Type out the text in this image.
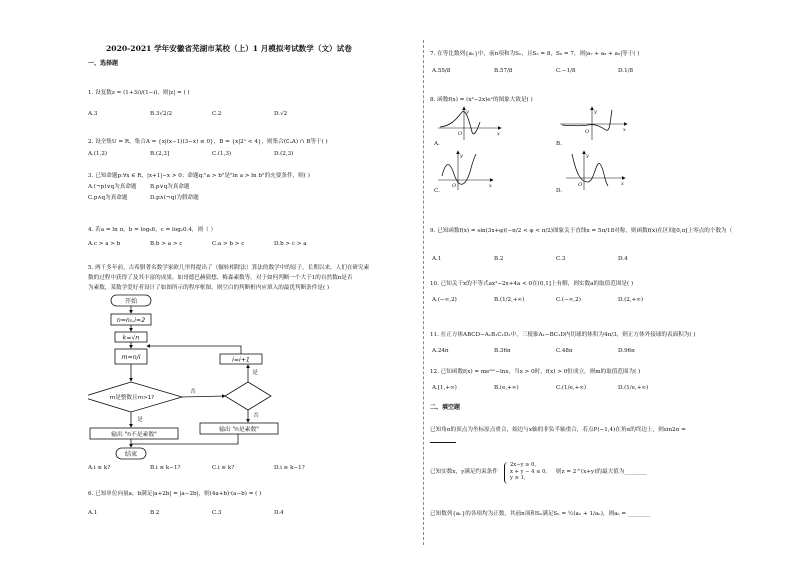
2020-2021 学年安徽省芜湖市某校（上）1 月模拟考试数学（文）试卷
一、选择题
1. 设复数z = (1+3i)/(1−i)，则|z| = ( )
A.3	B.3√2/2	C.2	D.√2
2. 设全集U = R，集合A = {x|(x−1)(3−x) ≤ 0}，B = {x|2ˣ < 4}，则集合(∁ᵤA) ∩ B等于( )
A.(1,2)	B.(2,3]	C.(1,3)	D.(2,3)
3. 已知命题p:∀x ∈ R，|x+1|−x > 0；命题q:"a > b"是"ln a > ln b"的充要条件，则( )
A.(¬p)∨q为真命题 B.p∨q为真命题
C.p∧q为真命题	D.p∧(¬q)为假命题
4. 若a = ln π，b = log₅6，c = log₂0.4，则（ ）
A.c > a > b	B.b > a > c	C.a > b > c	D.b > c > a
5. 两千多年前，古希腊著名数学家欧几里得提出了（辗转相除法）算法的数学中的原子，长期以来，人们在研究素
数的过程中获得了及其丰富的成果。如哥德巴赫猜想、梅森素数等。对于如何判断一个大于1的自然数n是否
为素数，某数学爱好者设计了如图所示的程序框图，则空白的判断框内应填入的最优判断条件是( )
开始
n=n₀,i=2
k=√n
m=n/i	i=i+1
m是整数且m>1?
否
是
是
否
输出 "n不是素数"
输出 "n是素数"
结束
A.i ≤ k?	B.i ≤ k−1?	C.i ≥ k?	D.i ≥ k−1?
6. 已知单位向量a，b满足|a+2b| = |a−2b|，则(4a+b)·(a−b) = ( )
A.1	B.2	C.3	D.4
7. 在等比数列{aₙ}中，前n项和为Sₙ，且S₃ = 8，S₆ = 7，则|a₇ + a₈ + a₉|等于( )
A.55/8	B.57/8	C.−1/8	D.1/8
8. 函数f(x) = (x²−2x)eˣ的图象大致是( )
y
x
O
A.
y
x
O
B.
y
x
O
C.
y
x
O
D.
9. 已知函数f(x) = sin(3x+φ)(−π/2 < φ < π/2)图象关于直线x = 5π/18对称，则函数f(x)在区间[0,π]上零点的个数为（
A.1	B.2	C.3	D.4
10. 已知关于x的不等式ax²−2x+4a < 0在(0,1]上有解，则实数a的取值范围是( )
A.(−∞,2)	B.(1/2,+∞)	C.(−∞,2)	D.(2,+∞)
11. 在正方体ABCD−A₁B₁C₁D₁中，三棱锥A₁−BC₁D内切球的体积为4π/3，则正方体外接球的表面积为( )
A.24π	B.36π	C.48π	D.96π
12. 已知函数f(x) = meᵐˣ−lnx，当x > 0时，f(x) > 0恒成立，则m的取值范围为( )
A.[1,+∞)	B.(e,+∞)	C.(1/e,+∞)	D.(1/e,+∞)
二、填空题
已知角α的顶点为坐标原点重合，始边与x轴的非负半轴重合，若点P(−1,4)在角α的终边上，则sin2α =
已知实数x，y满足约束条件
2x−y ≥ 0,
x + y − 4 ≤ 0,
y ≥ 1,
则z = 2^(x+y)的最大值为________
已知数列{aₙ}的各项均为正数，其前n项和Sₙ满足Sₙ = ½(aₙ + 1/aₙ)，则a₅ = ________
